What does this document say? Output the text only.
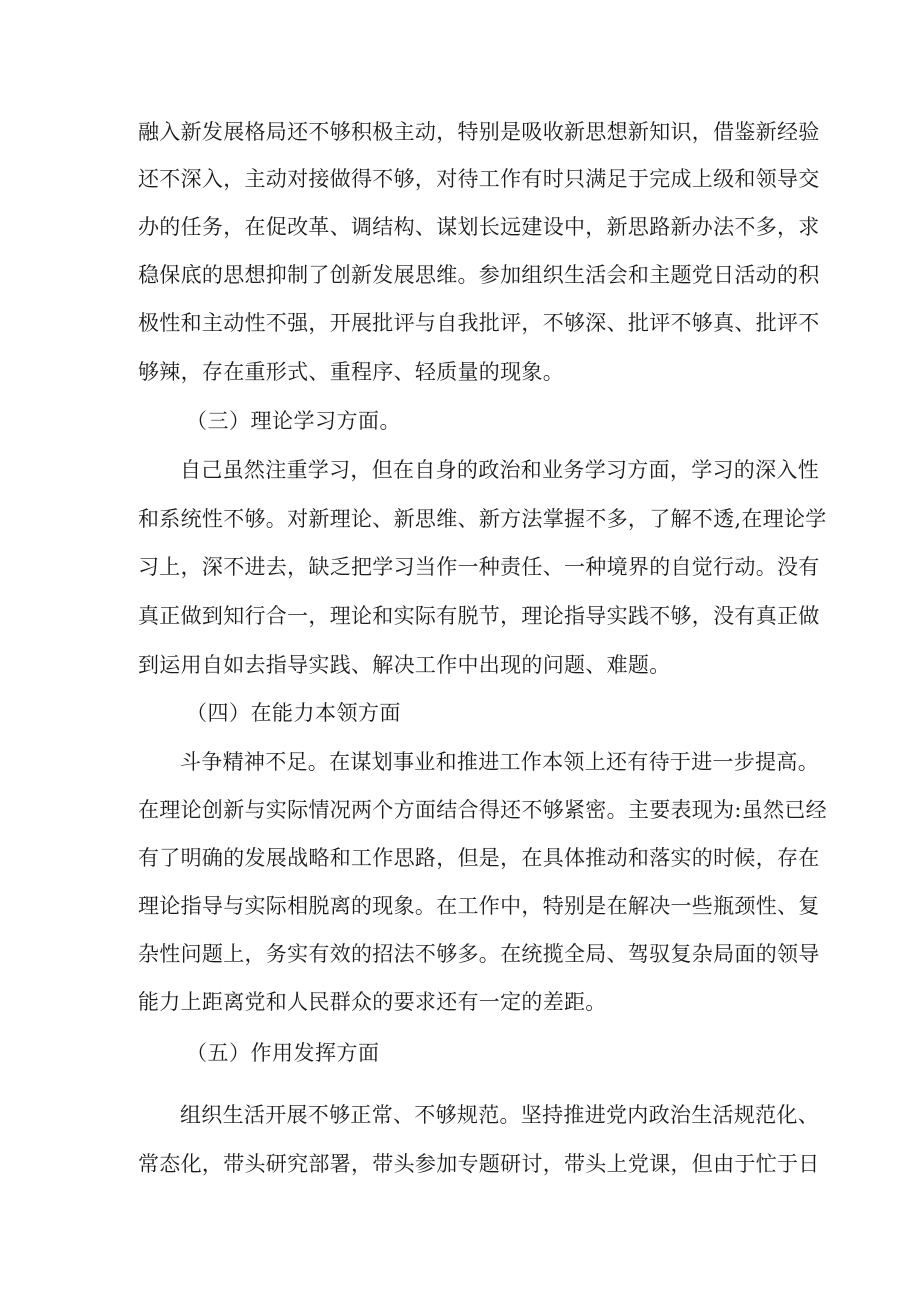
融入新发展格局还不够积极主动，特别是吸收新思想新知识，借鉴新经验
还不深入，主动对接做得不够，对待工作有时只满足于完成上级和领导交
办的任务，在促改革、调结构、谋划长远建设中，新思路新办法不多，求
稳保底的思想抑制了创新发展思维。参加组织生活会和主题党日活动的积
极性和主动性不强，开展批评与自我批评，不够深、批评不够真、批评不
够辣，存在重形式、重程序、轻质量的现象。
（三）理论学习方面。
自己虽然注重学习，但在自身的政治和业务学习方面，学习的深入性
和系统性不够。对新理论、新思维、新方法掌握不多，了解不透,在理论学
习上，深不进去，缺乏把学习当作一种责任、一种境界的自觉行动。没有
真正做到知行合一，理论和实际有脱节，理论指导实践不够，没有真正做
到运用自如去指导实践、解决工作中出现的问题、难题。
（四）在能力本领方面
斗争精神不足。在谋划事业和推进工作本领上还有待于进一步提高。
在理论创新与实际情况两个方面结合得还不够紧密。主要表现为:虽然已经
有了明确的发展战略和工作思路，但是，在具体推动和落实的时候，存在
理论指导与实际相脱离的现象。在工作中，特别是在解决一些瓶颈性、复
杂性问题上，务实有效的招法不够多。在统揽全局、驾驭复杂局面的领导
能力上距离党和人民群众的要求还有一定的差距。
（五）作用发挥方面
组织生活开展不够正常、不够规范。坚持推进党内政治生活规范化、
常态化，带头研究部署，带头参加专题研讨，带头上党课，但由于忙于日
